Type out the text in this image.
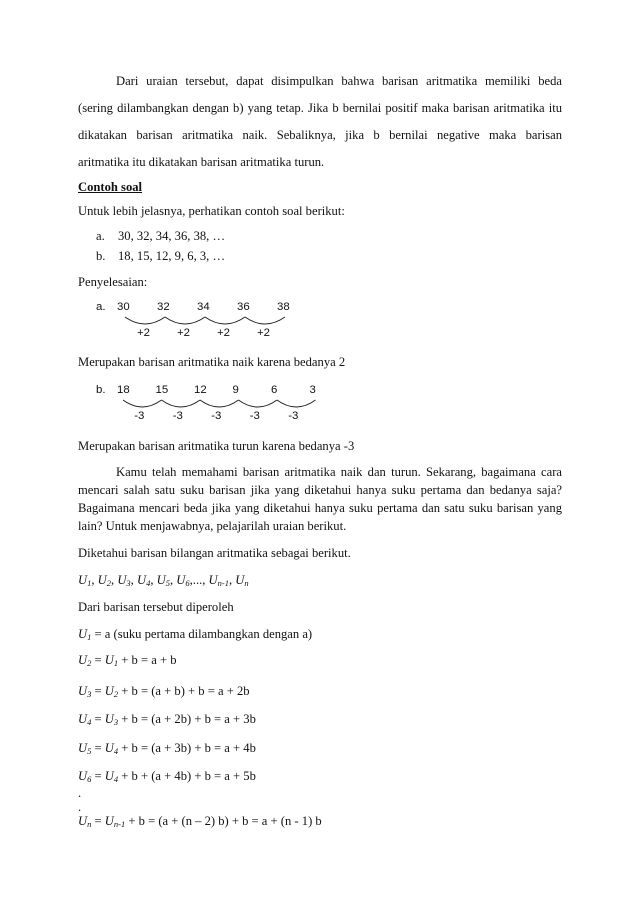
Dari uraian tersebut, dapat disimpulkan bahwa barisan aritmatika memiliki beda
(sering dilambangkan dengan b) yang tetap. Jika b bernilai positif maka barisan aritmatika itu
dikatakan barisan aritmatika naik. Sebaliknya, jika b bernilai negative maka barisan
aritmatika itu dikatakan barisan aritmatika turun.
Contoh soal
Untuk lebih jelasnya, perhatikan contoh soal berikut:
a. 30, 32, 34, 36, 38, …
b. 18, 15, 12, 9, 6, 3, …
Penyelesaian:
a.
Merupakan barisan aritmatika naik karena bedanya 2
b.
Merupakan barisan aritmatika turun karena bedanya -3
Kamu telah memahami barisan aritmatika naik dan turun. Sekarang, bagaimana cara
mencari salah satu suku barisan jika yang diketahui hanya suku pertama dan bedanya saja?
Bagaimana mencari beda jika yang diketahui hanya suku pertama dan satu suku barisan yang
lain? Untuk menjawabnya, pelajarilah uraian berikut.
Diketahui barisan bilangan aritmatika sebagai berikut.
$U_1$, $U_2$, $U_3$, $U_4$, $U_5$, $U_6$,..., $U_{n-1}$, $U_n$
Dari barisan tersebut diperoleh
$U_1 = a$ (suku pertama dilambangkan dengan a)
$U_2 = U_1 + b = a + b$
$U_3 = U_2 + b = (a + b) + b = a + 2b$
$U_4 = U_3 + b = (a + 2b) + b = a + 3b$
$U_5 = U_4 + b = (a + 3b) + b = a + 4b$
$U_6 = U_4 + b + (a + 4b) + b = a + 5b$
$U_n = U_{n-1} + b = (a + (n - 2) b) + b = a + (n - 1)$ b
.
.
30 32 34 36 38
+2 +2 +2 +2
18 15 12 9	6	3
-3 -3 -3 -3 -3
